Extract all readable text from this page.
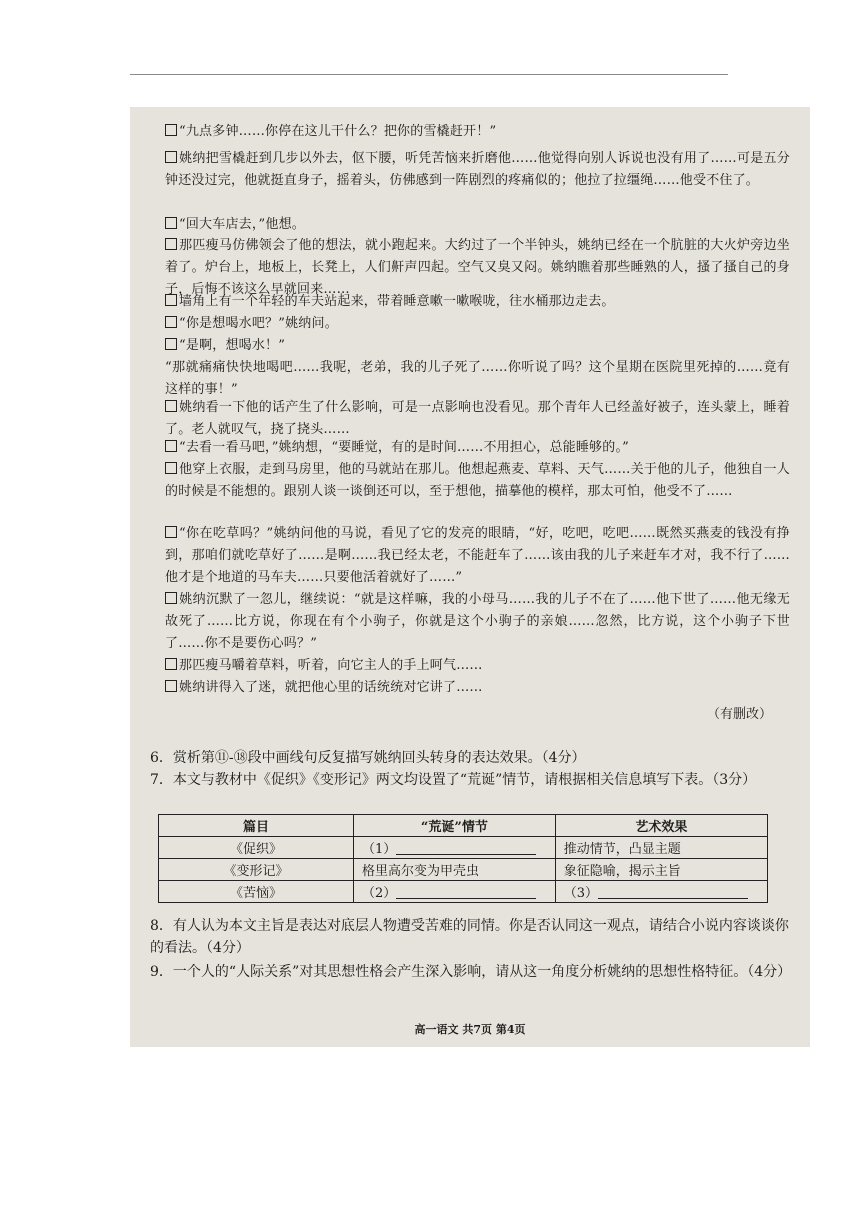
“九点多钟……你停在这儿干什么？把你的雪橇赶开！”
姚纳把雪橇赶到几步以外去，伛下腰，听凭苦恼来折磨他……他觉得向别人诉说也没有用了……可是五分钟还没过完，他就挺直身子，摇着头，仿佛感到一阵剧烈的疼痛似的；他拉了拉缰绳……他受不住了。
“回大车店去，”他想。
那匹瘦马仿佛领会了他的想法，就小跑起来。大约过了一个半钟头，姚纳已经在一个肮脏的大火炉旁边坐着了。炉台上，地板上，长凳上，人们鼾声四起。空气又臭又闷。姚纳瞧着那些睡熟的人，搔了搔自己的身子，后悔不该这么早就回来……
墙角上有一个年轻的车夫站起来，带着睡意嗽一嗽喉咙，往水桶那边走去。
“你是想喝水吧？”姚纳问。
“是啊，想喝水！”
“那就痛痛快快地喝吧……我呢，老弟，我的儿子死了……你听说了吗？这个星期在医院里死掉的……竟有这样的事！”
姚纳看一下他的话产生了什么影响，可是一点影响也没看见。那个青年人已经盖好被子，连头蒙上，睡着了。老人就叹气，挠了挠头……
“去看一看马吧，”姚纳想，“要睡觉，有的是时间……不用担心，总能睡够的。”
他穿上衣服，走到马房里，他的马就站在那儿。他想起燕麦、草料、天气……关于他的儿子，他独自一人的时候是不能想的。跟别人谈一谈倒还可以，至于想他，描摹他的模样，那太可怕，他受不了……
“你在吃草吗？”姚纳问他的马说，看见了它的发亮的眼睛，“好，吃吧，吃吧……既然买燕麦的钱没有挣到，那咱们就吃草好了……是啊……我已经太老，不能赶车了……该由我的儿子来赶车才对，我不行了……他才是个地道的马车夫……只要他活着就好了……”
姚纳沉默了一忽儿，继续说：“就是这样嘛，我的小母马……我的儿子不在了……他下世了……他无缘无故死了……比方说，你现在有个小驹子，你就是这个小驹子的亲娘……忽然，比方说，这个小驹子下世了……你不是要伤心吗？”
那匹瘦马嚼着草料，听着，向它主人的手上呵气……
姚纳讲得入了迷，就把他心里的话统统对它讲了……
（有删改）
6．赏析第⑪-⑱段中画线句反复描写姚纳回头转身的表达效果。（4分）
7．本文与教材中《促织》《变形记》两文均设置了“荒诞”情节，请根据相关信息填写下表。（3分）
篇目	“荒诞”情节	艺术效果
《促织》	（1）	推动情节，凸显主题
《变形记》	格里高尔变为甲壳虫	象征隐喻，揭示主旨
《苦恼》	（2）	（3）
8．有人认为本文主旨是表达对底层人物遭受苦难的同情。你是否认同这一观点，请结合小说内容谈谈你的看法。（4分）
9．一个人的“人际关系”对其思想性格会产生深入影响，请从这一角度分析姚纳的思想性格特征。（4分）
高一语文 共7页 第4页
